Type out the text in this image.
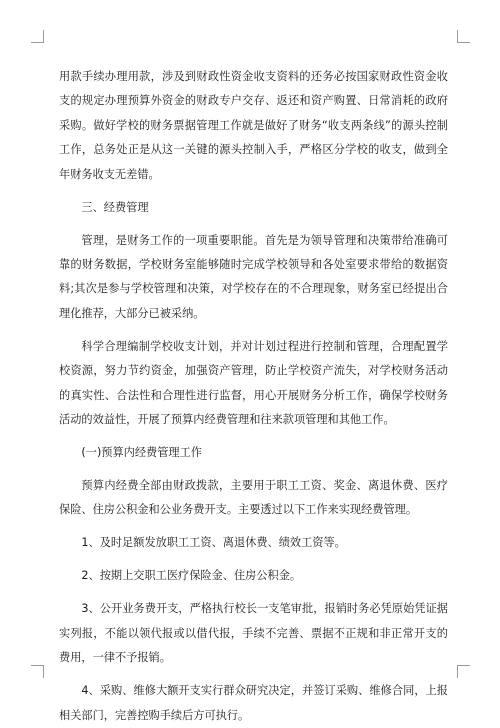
用款手续办理用款，涉及到财政性资金收支资料的还务必按国家财政性资金收支的规定办理预算外资金的财政专户交存、返还和资产购置、日常消耗的政府采购。做好学校的财务票据管理工作就是做好了财务“收支两条线”的源头控制工作，总务处正是从这一关键的源头控制入手，严格区分学校的收支，做到全年财务收支无差错。

三、经费管理

管理，是财务工作的一项重要职能。首先是为领导管理和决策带给准确可靠的财务数据，学校财务室能够随时完成学校领导和各处室要求带给的数据资料;其次是参与学校管理和决策，对学校存在的不合理现象，财务室已经提出合理化推荐，大部分已被采纳。

科学合理编制学校收支计划，并对计划过程进行控制和管理，合理配置学校资源，努力节约资金，加强资产管理，防止学校资产流失，对学校财务活动的真实性、合法性和合理性进行监督，用心开展财务分析工作，确保学校财务活动的效益性，开展了预算内经费管理和往来款项管理和其他工作。

(一)预算内经费管理工作

预算内经费全部由财政拨款，主要用于职工工资、奖金、离退休费、医疗保险、住房公积金和公业务费开支。主要透过以下工作来实现经费管理。

1、及时足额发放职工工资、离退休费、绩效工资等。

2、按期上交职工医疗保险金、住房公积金。

3、公开业务费开支，严格执行校长一支笔审批，报销时务必凭原始凭证据实列报，不能以领代报或以借代报，手续不完善、票据不正规和非正常开支的费用，一律不予报销。

4、采购、维修大额开支实行群众研究决定，并签订采购、维修合同，上报相关部门，完善控购手续后方可执行。
